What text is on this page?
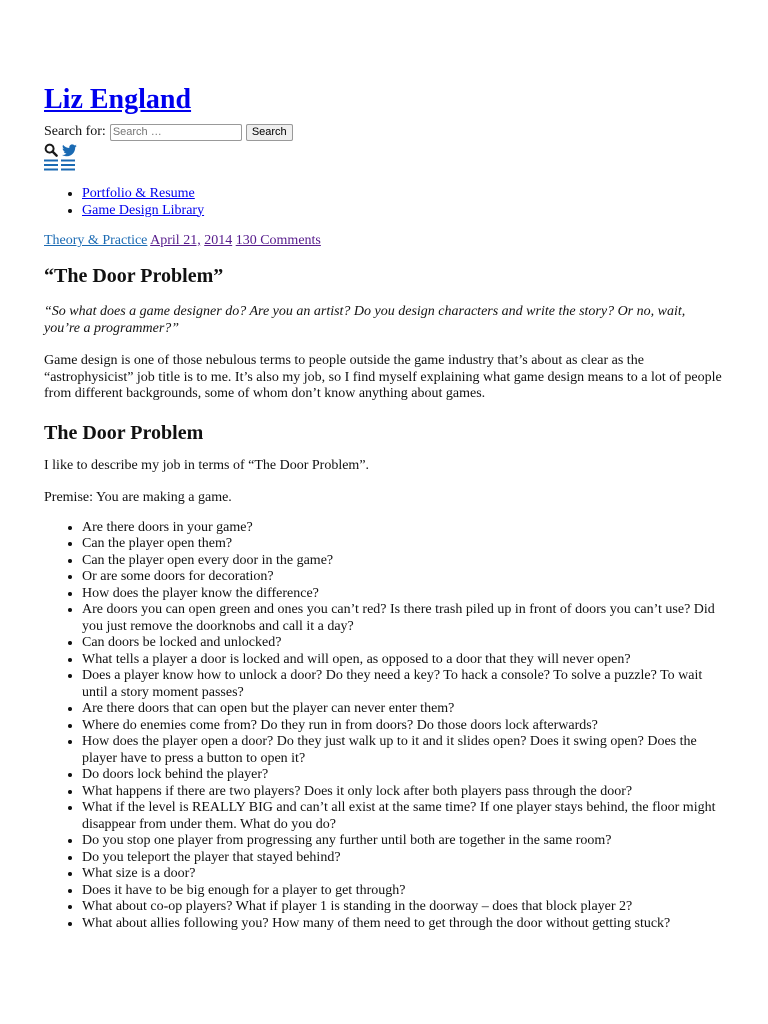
Liz England
Search for:
Search …	Search
• Portfolio & Resume
• Game Design Library
Theory & Practice April 21, 2014 130 Comments
“The Door Problem”

“So what does a game designer do? Are you an artist? Do you design characters and write the story? Or no, wait, you’re a programmer?”

Game design is one of those nebulous terms to people outside the game industry that’s about as clear as the “astrophysicist” job title is to me. It’s also my job, so I find myself explaining what game design means to a lot of people from different backgrounds, some of whom don’t know anything about games.

The Door Problem

I like to describe my job in terms of “The Door Problem”.

Premise: You are making a game.

• Are there doors in your game?
• Can the player open them?
• Can the player open every door in the game?
• Or are some doors for decoration?
• How does the player know the difference?
• Are doors you can open green and ones you can’t red? Is there trash piled up in front of doors you can’t use? Did you just remove the doorknobs and call it a day?
• Can doors be locked and unlocked?
• What tells a player a door is locked and will open, as opposed to a door that they will never open?
• Does a player know how to unlock a door? Do they need a key? To hack a console? To solve a puzzle? To wait until a story moment passes?
• Are there doors that can open but the player can never enter them?
• Where do enemies come from? Do they run in from doors? Do those doors lock afterwards?
• How does the player open a door? Do they just walk up to it and it slides open? Does it swing open? Does the player have to press a button to open it?
• Do doors lock behind the player?
• What happens if there are two players? Does it only lock after both players pass through the door?
• What if the level is REALLY BIG and can’t all exist at the same time? If one player stays behind, the floor might disappear from under them. What do you do?
• Do you stop one player from progressing any further until both are together in the same room?
• Do you teleport the player that stayed behind?
• What size is a door?
• Does it have to be big enough for a player to get through?
• What about co-op players? What if player 1 is standing in the doorway – does that block player 2?
• What about allies following you? How many of them need to get through the door without getting stuck?
